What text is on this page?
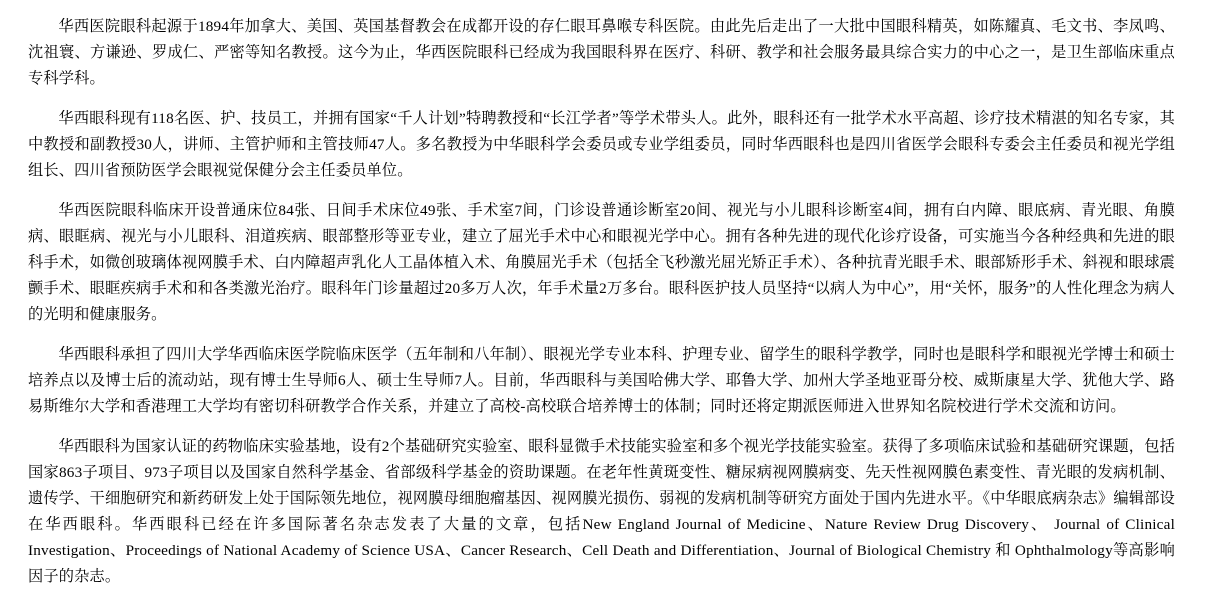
华西医院眼科起源于1894年加拿大、美国、英国基督教会在成都开设的存仁眼耳鼻喉专科医院。由此先后走出了一大批中国眼科精英，如陈耀真、毛文书、李凤鸣、沈祖寰、方谦逊、罗成仁、严密等知名教授。这今为止，华西医院眼科已经成为我国眼科界在医疗、科研、教学和社会服务最具综合实力的中心之一，是卫生部临床重点专科学科。

华西眼科现有118名医、护、技员工，并拥有国家“千人计划”特聘教授和“长江学者”等学术带头人。此外，眼科还有一批学术水平高超、诊疗技术精湛的知名专家，其中教授和副教授30人，讲师、主管护师和主管技师47人。多名教授为中华眼科学会委员或专业学组委员，同时华西眼科也是四川省医学会眼科专委会主任委员和视光学组组长、四川省预防医学会眼视觉保健分会主任委员单位。

华西医院眼科临床开设普通床位84张、日间手术床位49张、手术室7间，门诊设普通诊断室20间、视光与小儿眼科诊断室4间，拥有白内障、眼底病、青光眼、角膜病、眼眶病、视光与小儿眼科、泪道疾病、眼部整形等亚专业，建立了屈光手术中心和眼视光学中心。拥有各种先进的现代化诊疗设备，可实施当今各种经典和先进的眼科手术，如微创玻璃体视网膜手术、白内障超声乳化人工晶体植入术、角膜屈光手术（包括全飞秒激光屈光矫正手术）、各种抗青光眼手术、眼部矫形手术、斜视和眼球震颤手术、眼眶疾病手术和和各类激光治疗。眼科年门诊量超过20多万人次，年手术量2万多台。眼科医护技人员坚持“以病人为中心”，用“关怀，服务”的人性化理念为病人的光明和健康服务。

华西眼科承担了四川大学华西临床医学院临床医学（五年制和八年制）、眼视光学专业本科、护理专业、留学生的眼科学教学，同时也是眼科学和眼视光学博士和硕士培养点以及博士后的流动站，现有博士生导师6人、硕士生导师7人。目前，华西眼科与美国哈佛大学、耶鲁大学、加州大学圣地亚哥分校、威斯康星大学、犹他大学、路易斯维尔大学和香港理工大学均有密切科研教学合作关系，并建立了高校-高校联合培养博士的体制；同时还将定期派医师进入世界知名院校进行学术交流和访问。

华西眼科为国家认证的药物临床实验基地，设有2个基础研究实验室、眼科显微手术技能实验室和多个视光学技能实验室。获得了多项临床试验和基础研究课题，包括国家863子项目、973子项目以及国家自然科学基金、省部级科学基金的资助课题。在老年性黄斑变性、糖尿病视网膜病变、先天性视网膜色素变性、青光眼的发病机制、遗传学、干细胞研究和新药研发上处于国际领先地位，视网膜母细胞瘤基因、视网膜光损伤、弱视的发病机制等研究方面处于国内先进水平。《中华眼底病杂志》编辑部设在华西眼科。华西眼科已经在许多国际著名杂志发表了大量的文章，包括New England Journal of Medicine、Nature Review Drug Discovery、 Journal of Clinical Investigation、Proceedings of National Academy of Science USA、Cancer Research、Cell Death and Differentiation、Journal of Biological Chemistry 和 Ophthalmology等高影响因子的杂志。
